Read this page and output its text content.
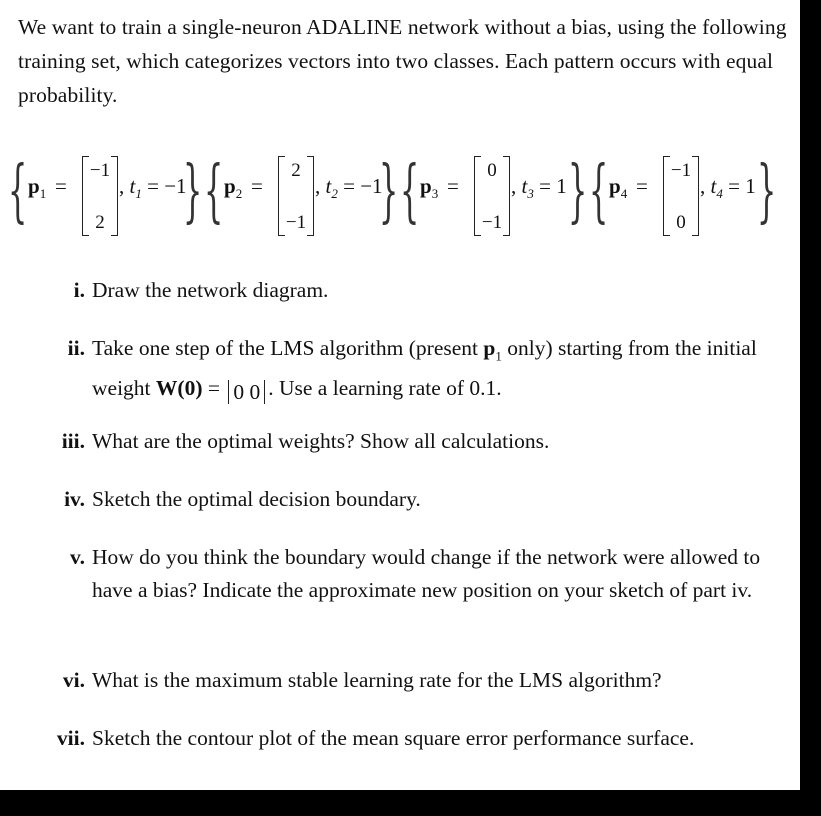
We want to train a single-neuron ADALINE network without a bias, using the following training set, which categorizes vectors into two classes. Each pattern occurs with equal probability.
{ $p_1$ =
−1
2
, $t_1 = -1$
} { $p_2$ =
2
−1
, $t_2 = -1$
} { $p_3$ =
0
−1
, $t_3 = 1$ } { $p_4$ =
−1
0
, $t_4 = 1$ }
i. Draw the network diagram.
ii. Take one step of the LMS algorithm (present $p_1$ only) starting from the initial weight W(0) = 0 0 . Use a learning rate of 0.1.
iii. What are the optimal weights? Show all calculations.
iv. Sketch the optimal decision boundary.
v. How do you think the boundary would change if the network were allowed to have a bias? Indicate the approximate new position on your sketch of part iv.
vi. What is the maximum stable learning rate for the LMS algorithm?
vii. Sketch the contour plot of the mean square error performance surface.
